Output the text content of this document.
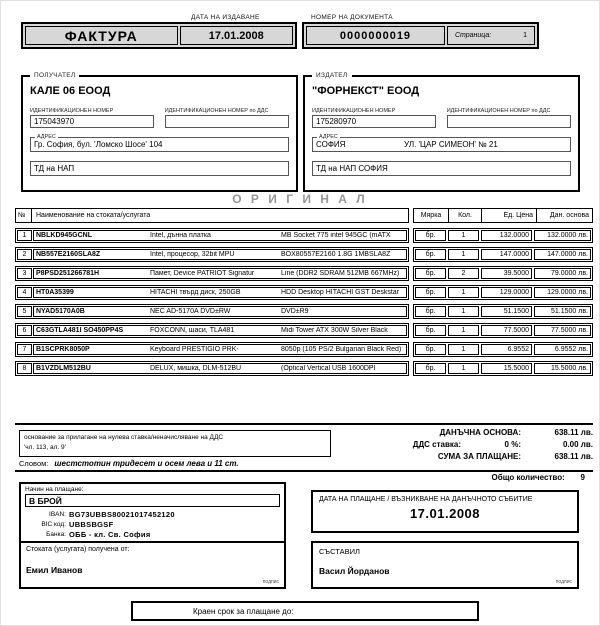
ДАТА НА ИЗДАВАНЕ	НОМЕР НА ДОКУМЕНТА
ФАКТУРА	17.01.2008	0000000019	Страница:	1
ПОЛУЧАТЕЛ
КАЛЕ 06 ЕООД
ИДЕНТИФИКАЦИОНЕН НОМЕР
175043970
ИДЕНТИФИКАЦИОНЕН НОМЕР по ДДС
АДРЕС
Гр. София, бул. 'Ломско Шосе' 104
ТД на НАП
ИЗДАТЕЛ
"ФОРНЕКСТ" ЕООД
ИДЕНТИФИКАЦИОНЕН НОМЕР
175280970
ИДЕНТИФИКАЦИОНЕН НОМЕР по ДДС
АДРЕС
СОФИЯ	УЛ. 'ЦАР СИМЕОН' № 21
ТД на НАП СОФИЯ
О Р И Г И Н А Л
№	Наименование на стоката/услугата	Мярка	Кол.	Ед. Цена	Дан. основа
1	NBLKD945GCNL	Intel, дънна платка	MB Socket 775 intel 945GC (mATX	бр.	1	132.0000	132.0000 лв.
2	NB557E2160SLA8Z	Intel, процесор, 32bit MPU	BOX80557E2160 1.8G 1MBSLA8Z	бр.	1	147.0000	147.0000 лв.
3	P8PSD251266781H	Памет, Device PATRIOT Signatur	Line (DDR2 SDRAM 512MB 667MHz)	бр.	2	39.5000	79.0000 лв.
4	HT0A35399	HITACHI твърд диск, 250GB	HDD Desktop HITACHI GST Deskstar	бр.	1	129.0000	129.0000 лв.
5	NYAD5170A0B	NEC AD-5170A DVD±RW	DVD±R9	бр.	1	51.1500	51.1500 лв.
6	C63GTLA481I SO450PP4S	FOXCONN, шаси, TLA481	Midi Tower ATX 300W Silver Black	бр.	1	77.5000	77.5000 лв.
7	B1SCPRK8050P	Keyboard PRESTIGIO PRK-	8050p (105 PS/2 Bulgarian Black Red)	бр.	1	6.9552	6.9552 лв.
8	B1VZDLM512BU	DELUX, мишка, DLM-512BU	(Optical Vertical USB 1600DPI	бр.	1	15.5000	15.5000 лв.
основание за прилагане на нулева ставка/неначисляване на ДДС
'чл. 113, ал. 9'
ДАНЪЧНА ОСНОВА:	638.11 лв.
ДДС ставка:	0 %:	0.00 лв.
СУМА ЗА ПЛАЩАНЕ:	638.11 лв.
Словом: шестстотин тридесет и осем лева и 11 ст.
Общо количество: 9
Начин на плащане:
В БРОЙ
IBAN: BG73UBBS80021017452120
BIC код: UBBSBGSF
Банка: ОББ - кл. Св. София
Стоката (услугата) получена от:
Емил Иванов
подпис
ДАТА НА ПЛАЩАНЕ / ВЪЗНИКВАНЕ НА ДАНЪЧНОТО СЪБИТИЕ
17.01.2008
СЪСТАВИЛ
Васил Йорданов
подпис
Краен срок за плащане до:
